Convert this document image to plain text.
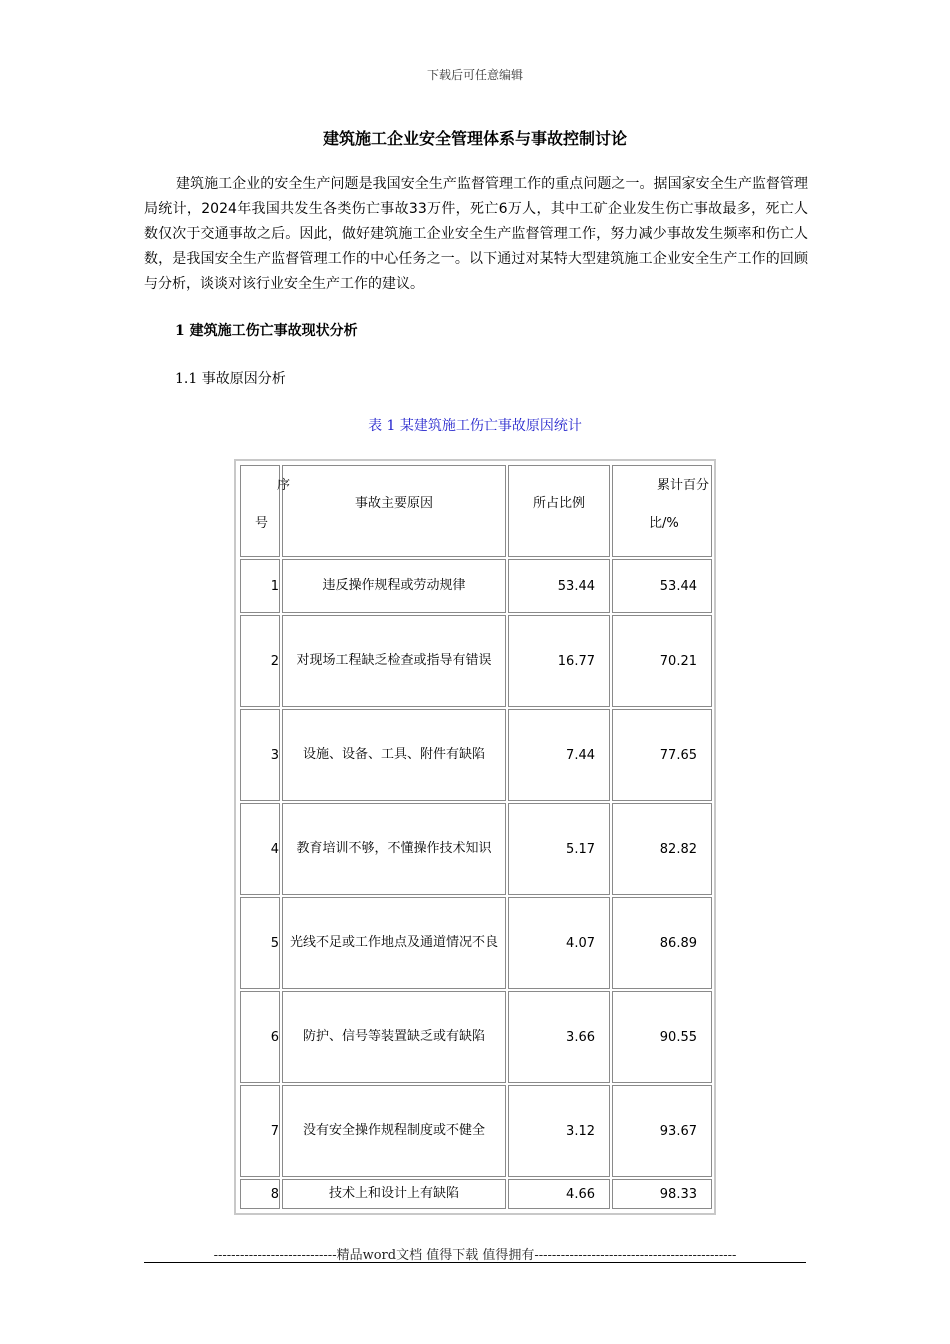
下载后可任意编辑
建筑施工企业安全管理体系与事故控制讨论

建筑施工企业的安全生产问题是我国安全生产监督管理工作的重点问题之一。据国家安全生产监督管理局统计，2024年我国共发生各类伤亡事故33万件，死亡6万人，其中工矿企业发生伤亡事故最多，死亡人数仅次于交通事故之后。因此，做好建筑施工企业安全生产监督管理工作，努力减少事故发生频率和伤亡人数，是我国安全生产监督管理工作的中心任务之一。以下通过对某特大型建筑施工企业安全生产工作的回顾与分析，谈谈对该行业安全生产工作的建议。

1 建筑施工伤亡事故现状分析
1.1 事故原因分析
表 1 某建筑施工伤亡事故原因统计
序
号	事故主要原因	所占比例	累计百分
比/%

1	违反操作规程或劳动规律	53.44	53.44
2	对现场工程缺乏检查或指导有错误	16.77	70.21
3	设施、设备、工具、附件有缺陷	7.44	77.65
4	教育培训不够，不懂操作技术知识	5.17	82.82
5	光线不足或工作地点及通道情况不良	4.07	86.89
6	防护、信号等装置缺乏或有缺陷	3.66	90.55
7	没有安全操作规程制度或不健全	3.12	93.67
8	技术上和设计上有缺陷	4.66	98.33
----------------------------精品word文档 值得下载 值得拥有----------------------------------------------
